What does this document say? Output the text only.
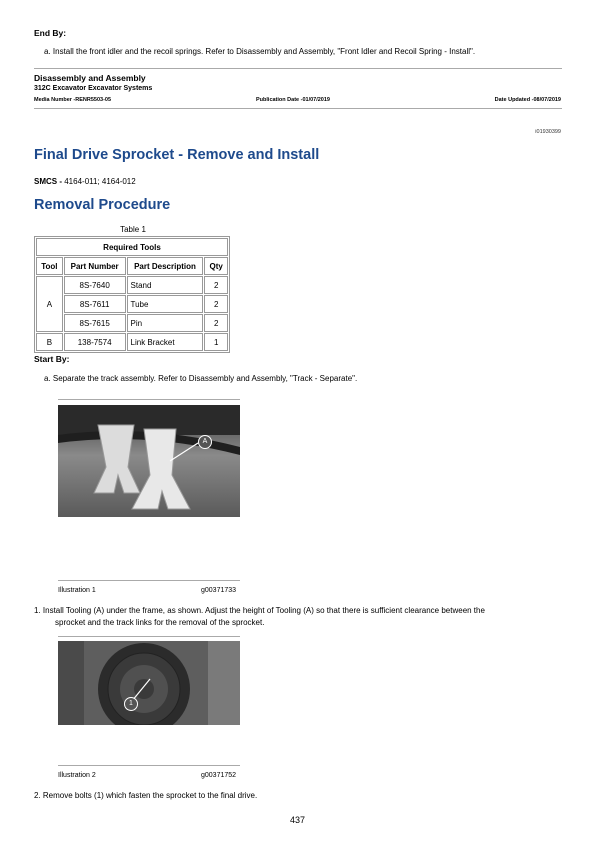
End By:
a. Install the front idler and the recoil springs. Refer to Disassembly and Assembly, "Front Idler and Recoil Spring - Install".
Disassembly and Assembly
312C Excavator Excavator Systems
Media Number -RENR5503-05	Publication Date -01/07/2019	Date Updated -08/07/2019
i01930399
Final Drive Sprocket - Remove and Install
SMCS - 4164-011; 4164-012
Removal Procedure
Table 1
Required Tools			
Tool	Part Number	Part Description	Qty
A	8S-7640	Stand	2
	8S-7611	Tube	2
	8S-7615	Pin	2
B	138-7574	Link Bracket	1
Start By:
a. Separate the track assembly. Refer to Disassembly and Assembly, "Track - Separate".
A
Illustration 1	g00371733
1. Install Tooling (A) under the frame, as shown. Adjust the height of Tooling (A) so that there is sufficient clearance between the
sprocket and the track links for the removal of the sprocket.
1
Illustration 2	g00371752
2. Remove bolts (1) which fasten the sprocket to the final drive.
437
